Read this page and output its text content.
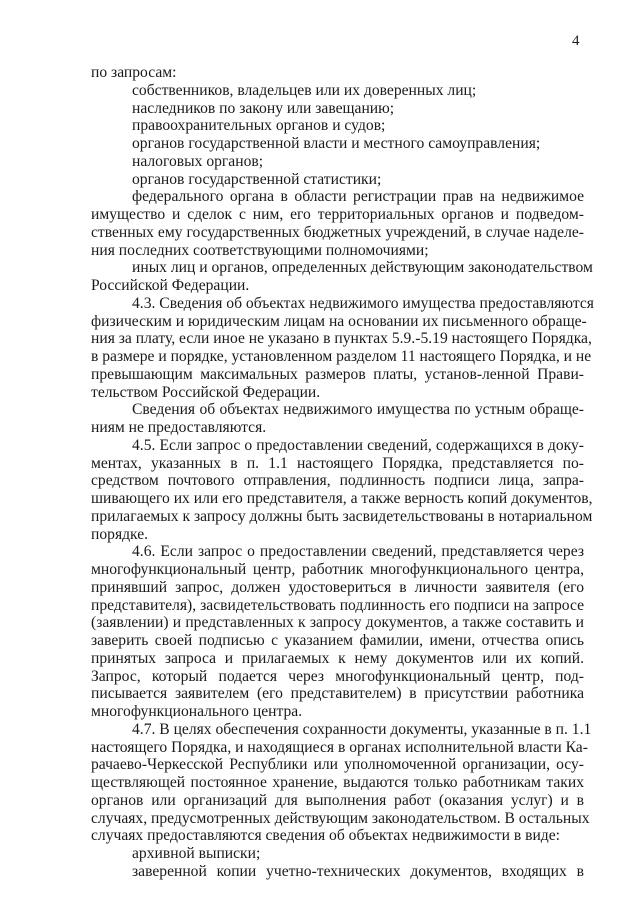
4
по запросам:
собственников, владельцев или их доверенных лиц;
наследников по закону или завещанию;
правоохранительных органов и судов;
органов государственной власти и местного самоуправления;
налоговых органов;
органов государственной статистики;
федерального органа в области регистрации прав на недвижимое
имущество и сделок с ним, его территориальных органов и подведом-
ственных ему государственных бюджетных учреждений, в случае наделе-
ния последних соответствующими полномочиями;
иных лиц и органов, определенных действующим законодательством
Российской Федерации.
4.3. Сведения об объектах недвижимого имущества предоставляются
физическим и юридическим лицам на основании их письменного обраще-
ния за плату, если иное не указано в пунктах 5.9.-5.19 настоящего Порядка,
в размере и порядке, установленном разделом 11 настоящего Порядка, и не
превышающим максимальных размеров платы, установ-ленной Прави-
тельством Российской Федерации.
Сведения об объектах недвижимого имущества по устным обраще-
ниям не предоставляются.
4.5. Если запрос о предоставлении сведений, содержащихся в доку-
ментах, указанных в п. 1.1 настоящего Порядка, представляется по-
средством почтового отправления, подлинность подписи лица, запра-
шивающего их или его представителя, а также верность копий документов,
прилагаемых к запросу должны быть засвидетельствованы в нотариальном
порядке.
4.6. Если запрос о предоставлении сведений, представляется через
многофункциональный центр, работник многофункционального центра,
принявший запрос, должен удостовериться в личности заявителя (его
представителя), засвидетельствовать подлинность его подписи на запросе
(заявлении) и представленных к запросу документов, а также составить и
заверить своей подписью с указанием фамилии, имени, отчества опись
принятых запроса и прилагаемых к нему документов или их копий.
Запрос, который подается через многофункциональный центр, под-
писывается заявителем (его представителем) в присутствии работника
многофункционального центра.
4.7. В целях обеспечения сохранности документы, указанные в п. 1.1
настоящего Порядка, и находящиеся в органах исполнительной власти Ка-
рачаево-Черкесской Республики или уполномоченной организации, осу-
ществляющей постоянное хранение, выдаются только работникам таких
органов или организаций для выполнения работ (оказания услуг) и в
случаях, предусмотренных действующим законодательством. В остальных
случаях предоставляются сведения об объектах недвижимости в виде:
архивной выписки;
заверенной копии учетно-технических документов, входящих в
